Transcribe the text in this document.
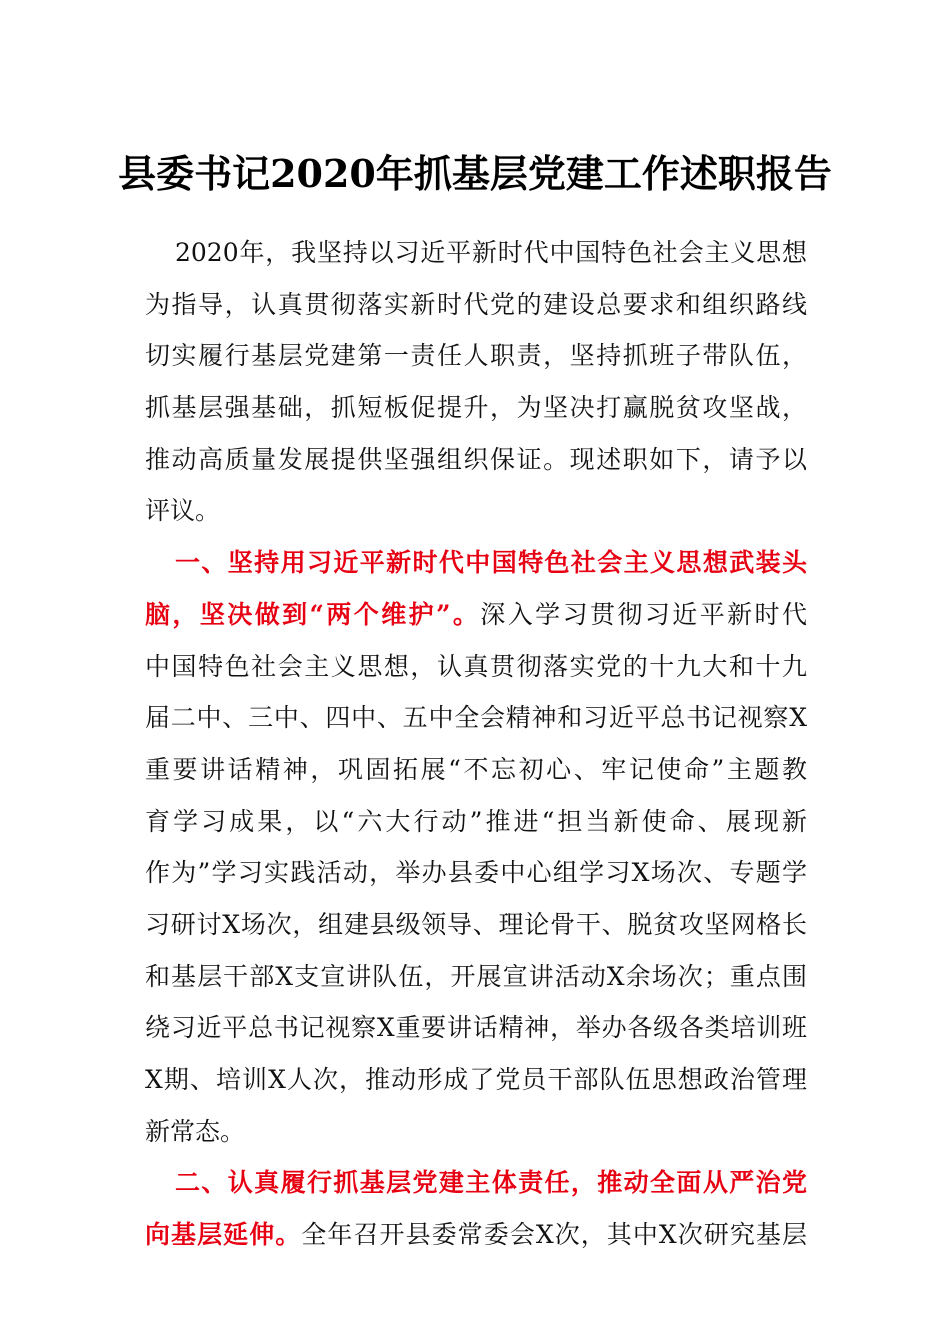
县委书记2020年抓基层党建工作述职报告
2020年，我坚持以习近平新时代中国特色社会主义思想
为指导，认真贯彻落实新时代党的建设总要求和组织路线
切实履行基层党建第一责任人职责，坚持抓班子带队伍，
抓基层强基础，抓短板促提升，为坚决打赢脱贫攻坚战，
推动高质量发展提供坚强组织保证。现述职如下，请予以
评议。
一、坚持用习近平新时代中国特色社会主义思想武装头
脑，坚决做到“两个维护”。深入学习贯彻习近平新时代
中国特色社会主义思想，认真贯彻落实党的十九大和十九
届二中、三中、四中、五中全会精神和习近平总书记视察X
重要讲话精神，巩固拓展“不忘初心、牢记使命”主题教
育学习成果，以“六大行动”推进“担当新使命、展现新
作为”学习实践活动，举办县委中心组学习X场次、专题学
习研讨X场次，组建县级领导、理论骨干、脱贫攻坚网格长
和基层干部X支宣讲队伍，开展宣讲活动X余场次；重点围
绕习近平总书记视察X重要讲话精神，举办各级各类培训班
X期、培训X人次，推动形成了党员干部队伍思想政治管理
新常态。
二、认真履行抓基层党建主体责任，推动全面从严治党
向基层延伸。全年召开县委常委会X次，其中X次研究基层
